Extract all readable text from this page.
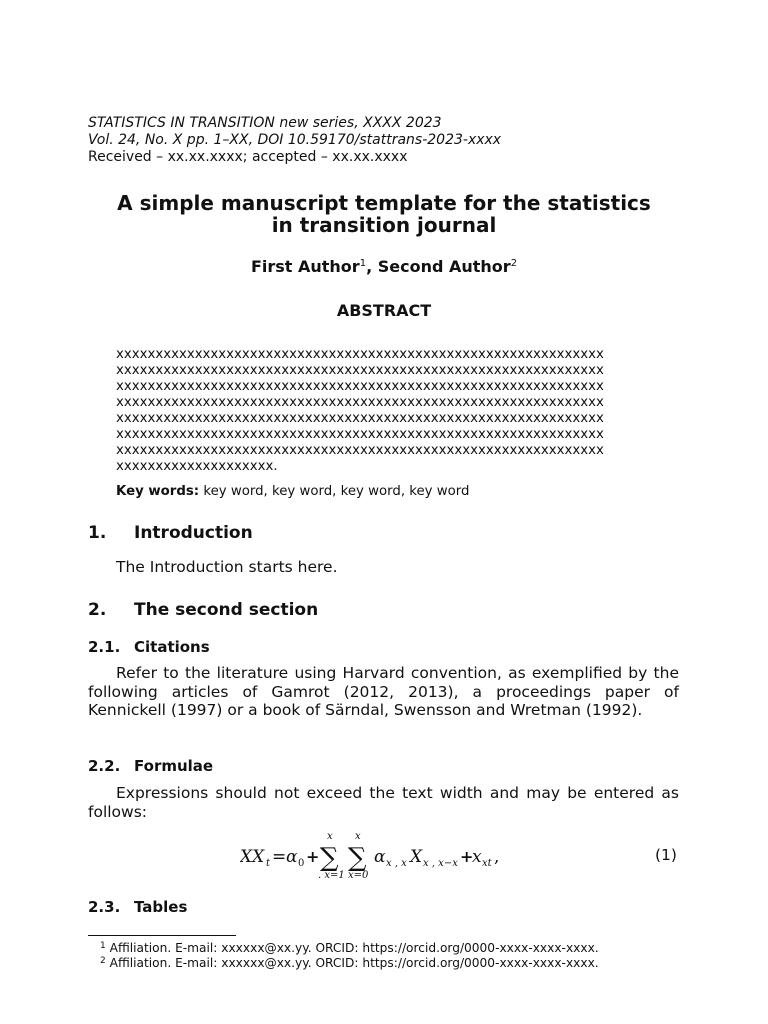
STATISTICS IN TRANSITION new series, XXXX 2023
Vol. 24, No. X pp. 1–XX, DOI 10.59170/stattrans-2023-xxxx
Received – xx.xx.xxxx; accepted – xx.xx.xxxx
A simple manuscript template for the statistics
in transition journal
First Author$^1$, Second Author$^2$
ABSTRACT
xxxxxxxxxxxxxxxxxxxxxxxxxxxxxxxxxxxxxxxxxxxxxxxxxxxxxxxxxxxxxx
xxxxxxxxxxxxxxxxxxxxxxxxxxxxxxxxxxxxxxxxxxxxxxxxxxxxxxxxxxxxxx
xxxxxxxxxxxxxxxxxxxxxxxxxxxxxxxxxxxxxxxxxxxxxxxxxxxxxxxxxxxxxx
xxxxxxxxxxxxxxxxxxxxxxxxxxxxxxxxxxxxxxxxxxxxxxxxxxxxxxxxxxxxxx
xxxxxxxxxxxxxxxxxxxxxxxxxxxxxxxxxxxxxxxxxxxxxxxxxxxxxxxxxxxxxx
xxxxxxxxxxxxxxxxxxxxxxxxxxxxxxxxxxxxxxxxxxxxxxxxxxxxxxxxxxxxxx
xxxxxxxxxxxxxxxxxxxxxxxxxxxxxxxxxxxxxxxxxxxxxxxxxxxxxxxxxxxxxx
xxxxxxxxxxxxxxxxxxxx.
Key words: key word, key word, key word, key word
1. Introduction
The Introduction starts here.
2. The second section
2.1. Citations
Refer to the literature using Harvard convention, as exemplified by the following articles of Gamrot (2012, 2013), a proceedings paper of Kennickell (1997) or a book of Särndal, Swensson and Wretman (1992).
2.2. Formulae
Expressions should not exceed the text width and may be entered as follows:
XX t = α 0 +
x
∑
. x=1
x
∑
x=0
α x , x X x , x−x +
x xt ,	(1)
2.3. Tables
$^1$ Affiliation. E-mail: xxxxxx@xx.yy. ORCID: https://orcid.org/0000-xxxx-xxxx-xxxx.
$^2$ Affiliation. E-mail: xxxxxx@xx.yy. ORCID: https://orcid.org/0000-xxxx-xxxx-xxxx.
